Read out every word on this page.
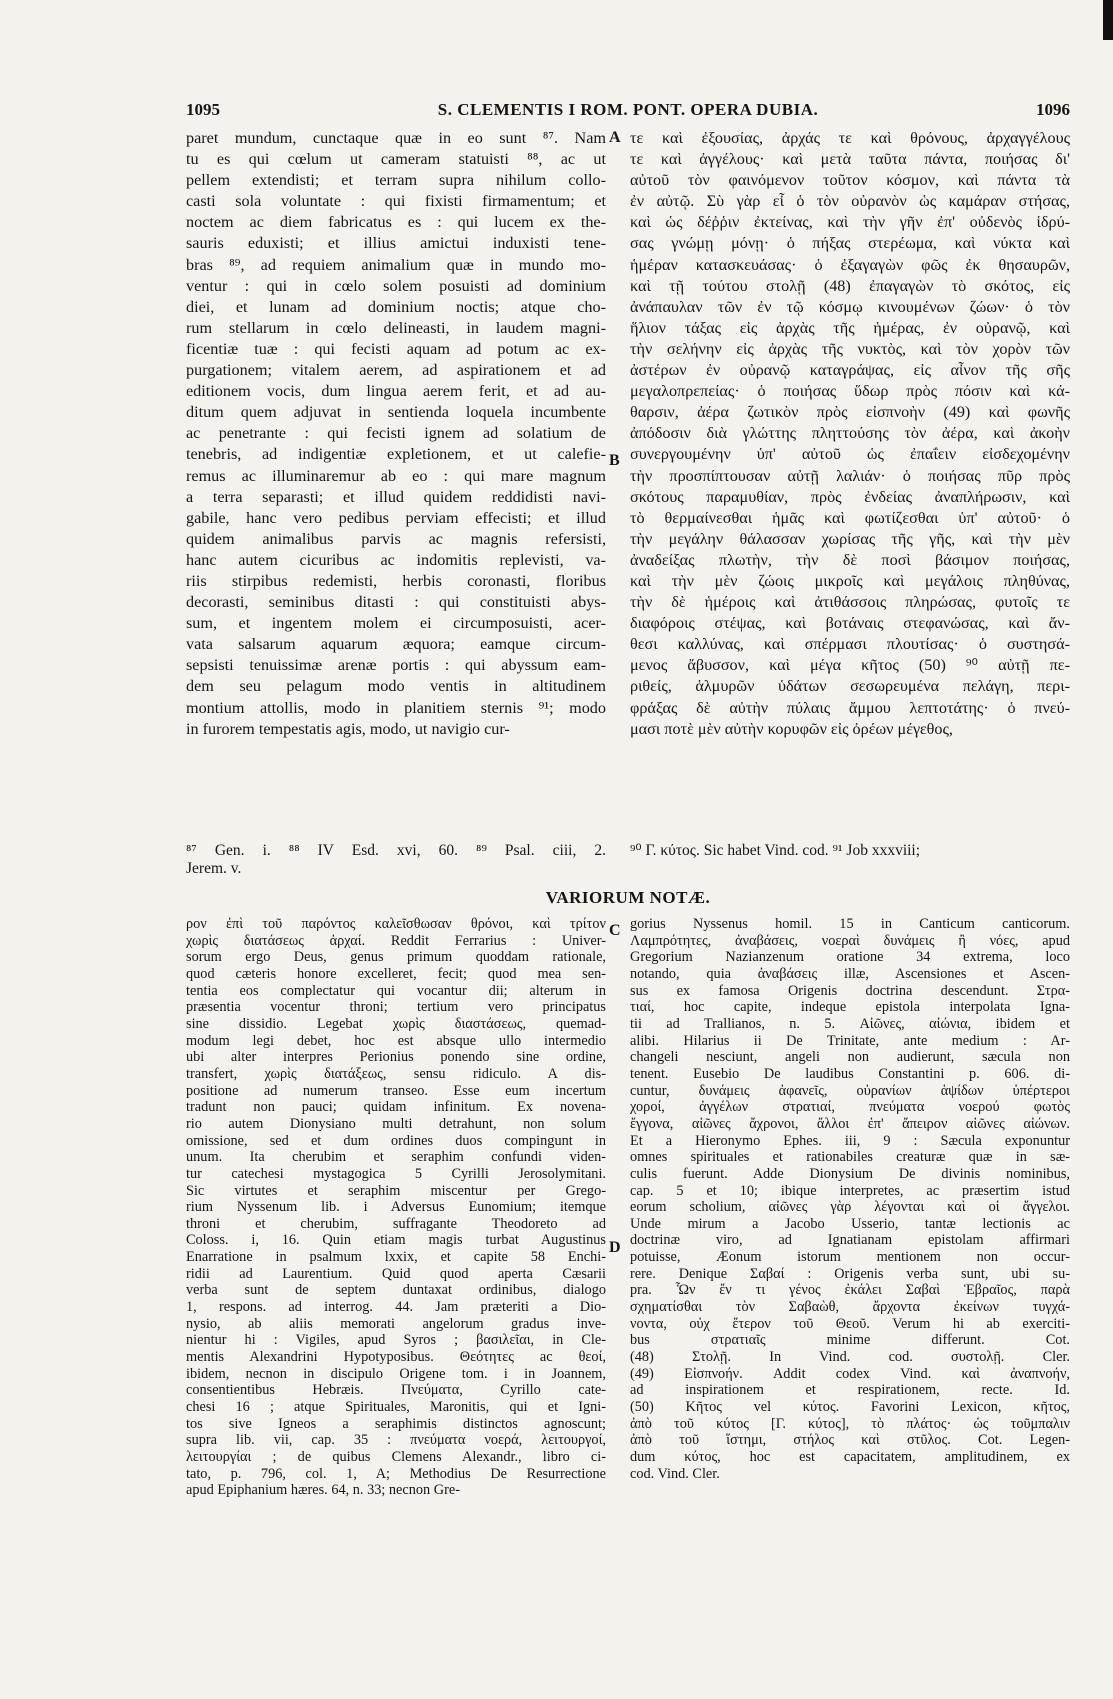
1095	S. CLEMENTIS I ROM. PONT. OPERA DUBIA.	1096
paret mundum, cunctaque quæ in eo sunt ⁸⁷. Nam
tu es qui cœlum ut cameram statuisti ⁸⁸, ac ut
pellem extendisti; et terram supra nihilum collo-
casti sola voluntate : qui fixisti firmamentum; et
noctem ac diem fabricatus es : qui lucem ex the-
sauris eduxisti; et illius amictui induxisti tene-
bras ⁸⁹, ad requiem animalium quæ in mundo mo-
ventur : qui in cœlo solem posuisti ad dominium
diei, et lunam ad dominium noctis; atque cho-
rum stellarum in cœlo delineasti, in laudem magni-
ficentiæ tuæ : qui fecisti aquam ad potum ac ex-
purgationem; vitalem aerem, ad aspirationem et ad
editionem vocis, dum lingua aerem ferit, et ad au-
ditum quem adjuvat in sentienda loquela incumbente
ac penetrante : qui fecisti ignem ad solatium de
tenebris, ad indigentiæ expletionem, et ut calefie-
remus ac illuminaremur ab eo : qui mare magnum
a terra separasti; et illud quidem reddidisti navi-
gabile, hanc vero pedibus perviam effecisti; et illud
quidem animalibus parvis ac magnis refersisti,
hanc autem cicuribus ac indomitis replevisti, va-
riis stirpibus redemisti, herbis coronasti, floribus
decorasti, seminibus ditasti : qui constituisti abys-
sum, et ingentem molem ei circumposuisti, acer-
vata salsarum aquarum æquora; eamque circum-
sepsisti tenuissimæ arenæ portis : qui abyssum eam-
dem seu pelagum modo ventis in altitudinem
montium attollis, modo in planitiem sternis ⁹¹; modo
in furorem tempestatis agis, modo, ut navigio cur-
τε καὶ ἐξουσίας, ἀρχάς τε καὶ θρόνους, ἀρχαγγέλους
τε καὶ ἀγγέλους· καὶ μετὰ ταῦτα πάντα, ποιήσας δι'
αὐτοῦ τὸν φαινόμενον τοῦτον κόσμον, καὶ πάντα τὰ
ἐν αὐτῷ. Σὺ γὰρ εἶ ὁ τὸν οὐρανὸν ὡς καμάραν στήσας,
καὶ ὡς δέῤῥιν ἐκτείνας, καὶ τὴν γῆν ἐπ' οὐδενὸς ἱδρύ-
σας γνώμῃ μόνῃ· ὁ πήξας στερέωμα, καὶ νύκτα καὶ
ἡμέραν κατασκευάσας· ὁ ἐξαγαγὼν φῶς ἐκ θησαυρῶν,
καὶ τῇ τούτου στολῇ (48) ἐπαγαγὼν τὸ σκότος, εἰς
ἀνάπαυλαν τῶν ἐν τῷ κόσμῳ κινουμένων ζώων· ὁ τὸν
ἥλιον τάξας εἰς ἀρχὰς τῆς ἡμέρας, ἐν οὐρανῷ, καὶ
τὴν σελήνην εἰς ἀρχὰς τῆς νυκτὸς, καὶ τὸν χορὸν τῶν
ἀστέρων ἐν οὐρανῷ καταγράψας, εἰς αἶνον τῆς σῆς
μεγαλοπρεπείας· ὁ ποιήσας ὕδωρ πρὸς πόσιν καὶ κά-
θαρσιν, ἀέρα ζωτικὸν πρὸς εἰσπνοὴν (49) καὶ φωνῆς
ἀπόδοσιν διὰ γλώττης πληττούσης τὸν ἀέρα, καὶ ἀκοὴν
συνεργουμένην ὑπ' αὐτοῦ ὡς ἐπαΐειν εἰσδεχομένην
τὴν προσπίπτουσαν αὐτῇ λαλιάν· ὁ ποιήσας πῦρ πρὸς
σκότους παραμυθίαν, πρὸς ἐνδείας ἀναπλήρωσιν, καὶ
τὸ θερμαίνεσθαι ἡμᾶς καὶ φωτίζεσθαι ὑπ' αὐτοῦ· ὁ
τὴν μεγάλην θάλασσαν χωρίσας τῆς γῆς, καὶ τὴν μὲν
ἀναδείξας πλωτὴν, τὴν δὲ ποσὶ βάσιμον ποιήσας,
καὶ τὴν μὲν ζώοις μικροῖς καὶ μεγάλοις πληθύνας,
τὴν δὲ ἡμέροις καὶ ἀτιθάσσοις πληρώσας, φυτοῖς τε
διαφόροις στέψας, καὶ βοτάναις στεφανώσας, καὶ ἄν-
θεσι καλλύνας, καὶ σπέρμασι πλουτίσας· ὁ συστησά-
μενος ἄβυσσον, καὶ μέγα κῆτος (50) ⁹⁰ αὐτῇ πε-
ριθείς, ἁλμυρῶν ὑδάτων σεσωρευμένα πελάγη, περι-
φράξας δὲ αὐτὴν πύλαις ἄμμου λεπτοτάτης· ὁ πνεύ-
μασι ποτὲ μὲν αὐτὴν κορυφῶν εἰς ὀρέων μέγεθος,
A
B
C
D
⁸⁷ Gen. i. ⁸⁸ IV Esd. xvi, 60. ⁸⁹ Psal. ciii, 2.
Jerem. v.
⁹⁰ Γ. κύτος. Sic habet Vind. cod. ⁹¹ Job xxxviii;
VARIORUM NOTÆ.
ρον ἐπὶ τοῦ παρόντος καλεῖσθωσαν θρόνοι, καὶ τρίτον
χωρὶς διατάσεως ἀρχαί. Reddit Ferrarius : Univer-
sorum ergo Deus, genus primum quoddam rationale,
quod cæteris honore excelleret, fecit; quod mea sen-
tentia eos complectatur qui vocantur dii; alterum in
præsentia vocentur throni; tertium vero principatus
sine dissidio. Legebat χωρὶς διαστάσεως, quemad-
modum legi debet, hoc est absque ullo intermedio
ubi alter interpres Perionius ponendo sine ordine,
transfert, χωρὶς διατάξεως, sensu ridiculo. A dis-
positione ad numerum transeo. Esse eum incertum
tradunt non pauci; quidam infinitum. Ex novena-
rio autem Dionysiano multi detrahunt, non solum
omissione, sed et dum ordines duos compingunt in
unum. Ita cherubim et seraphim confundi viden-
tur catechesi mystagogica 5 Cyrilli Jerosolymitani.
Sic virtutes et seraphim miscentur per Grego-
rium Nyssenum lib. i Adversus Eunomium; itemque
throni et cherubim, suffragante Theodoreto ad
Coloss. i, 16. Quin etiam magis turbat Augustinus
Enarratione in psalmum lxxix, et capite 58 Enchi-
ridii ad Laurentium. Quid quod aperta Cæsarii
verba sunt de septem duntaxat ordinibus, dialogo
1, respons. ad interrog. 44. Jam præteriti a Dio-
nysio, ab aliis memorati angelorum gradus inve-
nientur hi : Vigiles, apud Syros ; βασιλεῖαι, in Cle-
mentis Alexandrini Hypotyposibus. Θεότητες ac θεοί,
ibidem, necnon in discipulo Origene tom. i in Joannem,
consentientibus Hebræis. Πνεύματα, Cyrillo cate-
chesi 16 ; atque Spirituales, Maronitis, qui et Igni-
tos sive Igneos a seraphimis distinctos agnoscunt;
supra lib. vii, cap. 35 : πνεύματα νοερά, λειτουργοί,
λειτουργίαι ; de quibus Clemens Alexandr., libro ci-
tato, p. 796, col. 1, A; Methodius De Resurrectione
apud Epiphanium hæres. 64, n. 33; necnon Gre-
gorius Nyssenus homil. 15 in Canticum canticorum.
Λαμπρότητες, ἀναβάσεις, νοεραὶ δυνάμεις ἢ νόες, apud
Gregorium Nazianzenum oratione 34 extrema, loco
notando, quia ἀναβάσεις illæ, Ascensiones et Ascen-
sus ex famosa Origenis doctrina descendunt. Στρα-
τιαί, hoc capite, indeque epistola interpolata Igna-
tii ad Trallianos, n. 5. Αἰῶνες, αἰώνια, ibidem et
alibi. Hilarius ii De Trinitate, ante medium : Ar-
changeli nesciunt, angeli non audierunt, sæcula non
tenent. Eusebio De laudibus Constantini p. 606. di-
cuntur, δυνάμεις ἀφανεῖς, οὐρανίων ἁψίδων ὑπέρτεροι
χοροί, ἀγγέλων στρατιαί, πνεύματα νοερού φωτὸς
ἔγγονα, αἰῶνες ἄχρονοι, ἄλλοι ἐπ' ἄπειρον αἰῶνες αἰώνων.
Et a Hieronymo Ephes. iii, 9 : Sæcula exponuntur
omnes spirituales et rationabiles creaturæ quæ in sæ-
culis fuerunt. Adde Dionysium De divinis nominibus,
cap. 5 et 10; ibique interpretes, ac præsertim istud
eorum scholium, αἰῶνες γὰρ λέγονται καὶ οἱ ἄγγελοι.
Unde mirum a Jacobo Usserio, tantæ lectionis ac
doctrinæ viro, ad Ignatianam epistolam affirmari
potuisse, Æonum istorum mentionem non occur-
rere. Denique Σαβαί : Origenis verba sunt, ubi su-
pra. Ὧν ἔν τι γένος ἐκάλει Σαβαὶ Ἑβραῖος, παρὰ
σχηματίσθαι τὸν Σαβαὼθ, ἄρχοντα ἐκείνων τυγχά-
νοντα, οὐχ ἕτερον τοῦ Θεοῦ. Verum hi ab exerciti-
bus στρατιαῖς minime differunt. Cot.
(48) Στολῇ. In Vind. cod. συστολῇ. Cler.
(49) Εἰσπνοήν. Addit codex Vind. καὶ ἀναπνοήν,
ad inspirationem et respirationem, recte. Id.
(50) Κῆτος vel κύτος. Favorini Lexicon, κῆτος,
ἀπὸ τοῦ κύτος [Γ. κύτος], τὸ πλάτος· ὡς τοῦμπαλιν
ἀπὸ τοῦ ἵστημι, στήλος καὶ στῦλος. Cot. Legen-
dum κύτος, hoc est capacitatem, amplitudinem, ex
cod. Vind. Cler.
